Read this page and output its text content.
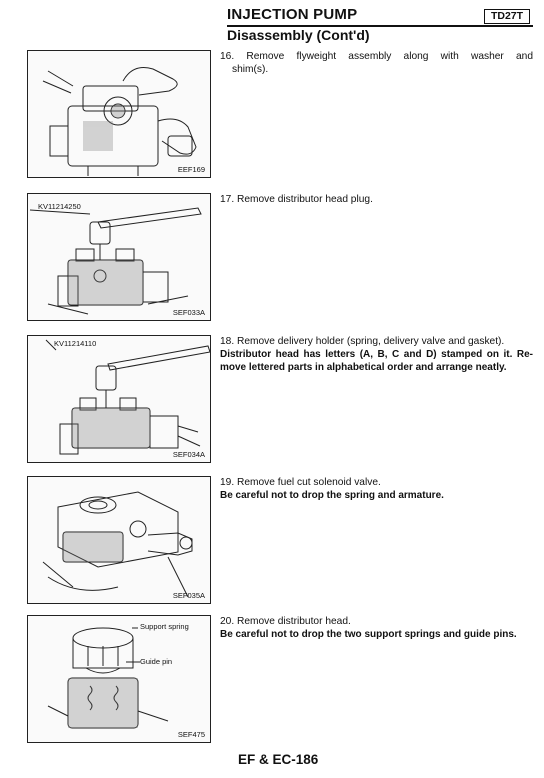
INJECTION PUMP	TD27T
Disassembly (Cont'd)
EEF169
KV11214250
SEF033A
KV11214110
SEF034A
SEF035A
Support spring
Guide pin
SEF475
16. Remove flyweight assembly along with washer and
shim(s).
17. Remove distributor head plug.
18. Remove delivery holder (spring, delivery valve and gasket).
Distributor head has letters (A, B, C and D) stamped on it. Re-
move lettered parts in alphabetical order and arrange neatly.
19. Remove fuel cut solenoid valve.
Be careful not to drop the spring and armature.
20. Remove distributor head.
Be careful not to drop the two support springs and guide pins.
EF & EC-186
